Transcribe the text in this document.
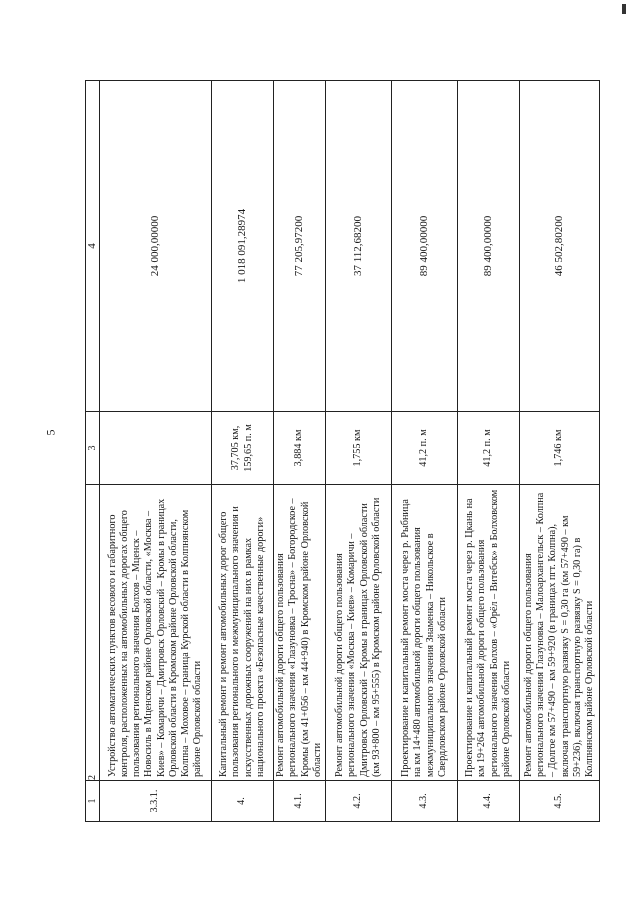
5
1	2	3	4
3.3.1.	Устройство автоматических пунктов весового и габаритного контроля, расположенных на автомобильных дорогах общего пользования регионального значения Болхов – Мценск – Новосиль в Мценском районе Орловской области, «Москва – Киев» – Комаричи – Дмитровск Орловский – Кромы в границах Орловской области в Кромском районе Орловской области, Колпна – Моховое – граница Курской области в Колпнянском районе Орловской области		24 000,00000
4.	Капитальный ремонт и ремонт автомобильных дорог общего пользования регионального и межмуниципального значения и искусственных дорожных сооружений на них в рамках национального проекта «Безопасные качественные дороги»	37,705 км, 159,65 п. м	1 018 091,28974
4.1.	Ремонт автомобильной дороги общего пользования регионального значения «Глазуновка – Тросна» – Богородское – Кромы (км 41+056 – км 44+940) в Кромском районе Орловской области	3,884 км	77 205,97200
4.2.	Ремонт автомобильной дороги общего пользования регионального значения «Москва – Киев» – Комаричи – Дмитровск Орловский – Кромы в границах Орловской области (км 93+800 – км 95+555) в Кромском районе Орловской области	1,755 км	37 112,68200
4.3.	Проектирование и капитальный ремонт моста через р. Рыбница на км 14+480 автомобильной дороги общего пользования межмуниципального значения Знаменка – Никольское в Свердловском районе Орловской области	41,2 п. м	89 400,00000
4.4.	Проектирование и капитальный ремонт моста через р. Цкань на км 19+264 автомобильной дороги общего пользования регионального значения Болхов – «Орёл – Витебск» в Болховском районе Орловской области	41,2 п. м	89 400,00000
4.5.	Ремонт автомобильной дороги общего пользования регионального значения Глазуновка – Малоархангельск – Колпна – Долгое км 57+490 – км 59+920 (в границах пгт. Колпна), включая транспортную развязку S = 0,30 га (км 57+490 – км 59+236), включая транспортную развязку S = 0,30 га) в Колпнянском районе Орловской области	1,746 км	46 502,80200
